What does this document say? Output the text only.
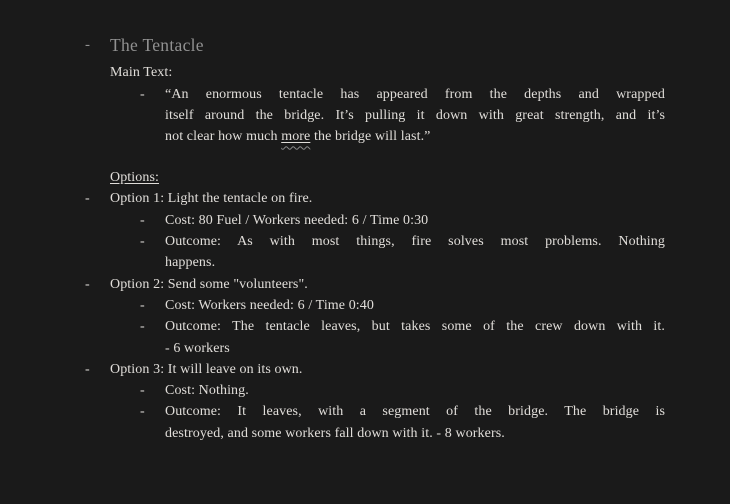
-	The Tentacle
Main Text:
-	“An enormous tentacle has appeared from the depths and wrapped
itself around the bridge. It’s pulling it down with great strength, and it’s
not clear how much more the bridge will last.”
Options:
-	Option 1: Light the tentacle on fire.
-	Cost: 80 Fuel / Workers needed: 6 / Time 0:30
-	Outcome: As with most things, fire solves most problems. Nothing
happens.
-	Option 2: Send some "volunteers".
-	Cost: Workers needed: 6 / Time 0:40
-	Outcome: The tentacle leaves, but takes some of the crew down with it.
- 6 workers
-	Option 3: It will leave on its own.
-	Cost: Nothing.
-	Outcome: It leaves, with a segment of the bridge. The bridge is
destroyed, and some workers fall down with it. - 8 workers.
